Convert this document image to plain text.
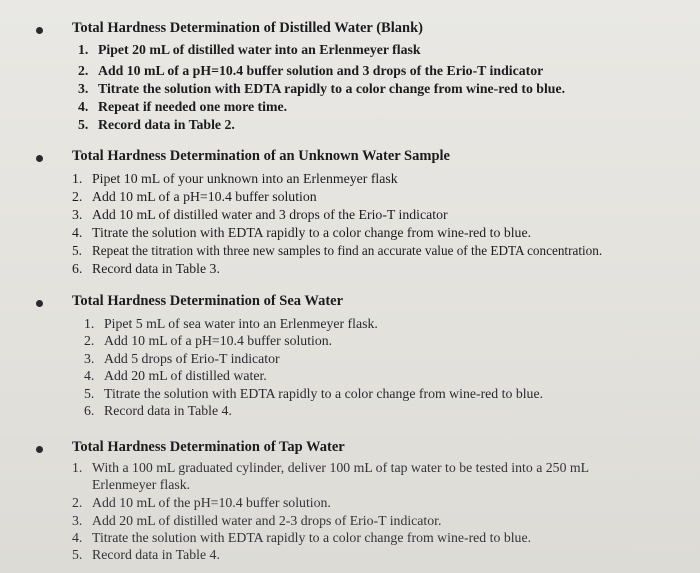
Total Hardness Determination of Distilled Water (Blank)
1. Pipet 20 mL of distilled water into an Erlenmeyer flask
2. Add 10 mL of a pH=10.4 buffer solution and 3 drops of the Erio-T indicator
3. Titrate the solution with EDTA rapidly to a color change from wine-red to blue.
4. Repeat if needed one more time.
5. Record data in Table 2.
Total Hardness Determination of an Unknown Water Sample
1. Pipet 10 mL of your unknown into an Erlenmeyer flask
2. Add 10 mL of a pH=10.4 buffer solution
3. Add 10 mL of distilled water and 3 drops of the Erio-T indicator
4. Titrate the solution with EDTA rapidly to a color change from wine-red to blue.
5. Repeat the titration with three new samples to find an accurate value of the EDTA concentration.
6. Record data in Table 3.
Total Hardness Determination of Sea Water
1. Pipet 5 mL of sea water into an Erlenmeyer flask.
2. Add 10 mL of a pH=10.4 buffer solution.
3. Add 5 drops of Erio-T indicator
4. Add 20 mL of distilled water.
5. Titrate the solution with EDTA rapidly to a color change from wine-red to blue.
6. Record data in Table 4.
Total Hardness Determination of Tap Water
1. With a 100 mL graduated cylinder, deliver 100 mL of tap water to be tested into a 250 mL
Erlenmeyer flask.
2. Add 10 mL of the pH=10.4 buffer solution.
3. Add 20 mL of distilled water and 2-3 drops of Erio-T indicator.
4. Titrate the solution with EDTA rapidly to a color change from wine-red to blue.
5. Record data in Table 4.
